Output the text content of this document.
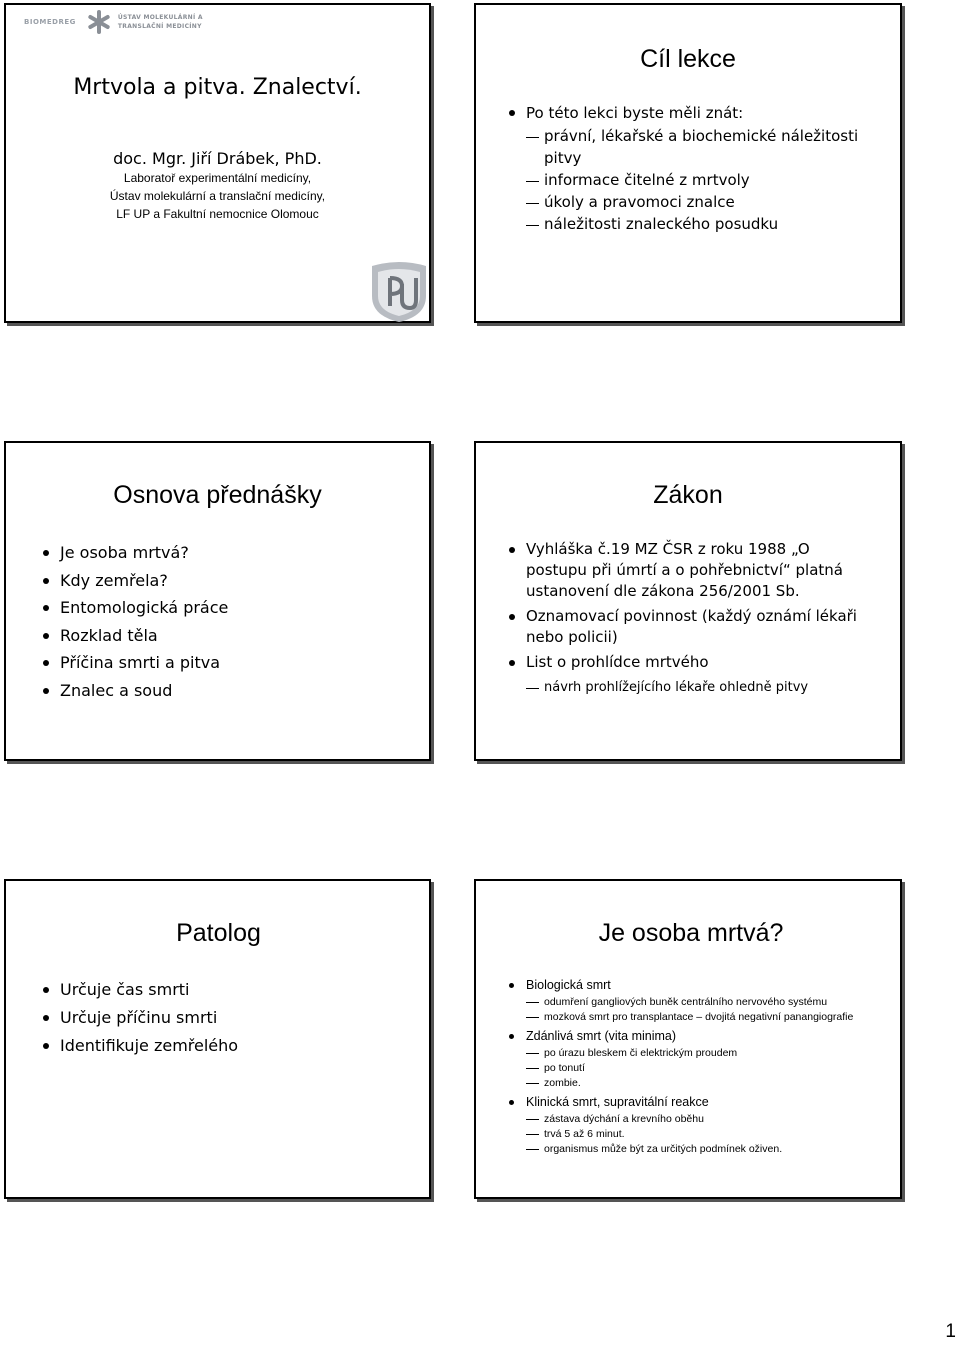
BIOMEDREG
ÚSTAV MOLEKULÁRNÍ A
TRANSLAČNÍ MEDICÍNY
Mrtvola a pitva. Znalectví.
doc. Mgr. Jiří Drábek, PhD.
Laboratoř experimentální medicíny,
Ústav molekulární a translační medicíny,
LF UP a Fakultní nemocnice Olomouc
Cíl lekce
Po této lekci byste měli znát:
právní, lékařské a biochemické náležitosti pitvy
informace čitelné z mrtvoly
úkoly a pravomoci znalce
náležitosti znaleckého posudku
Osnova přednášky
Je osoba mrtvá?
Kdy zemřela?
Entomologická práce
Rozklad těla
Příčina smrti a pitva
Znalec a soud
Zákon
Vyhláška č.19 MZ ČSR z roku 1988 „O postupu při úmrtí a o pohřebnictví“ platná ustanovení dle zákona 256/2001 Sb.
Oznamovací povinnost (každý oznámí lékaři nebo policii)
List o prohlídce mrtvého
návrh prohlížejícího lékaře ohledně pitvy
Patolog
Určuje čas smrti
Určuje příčinu smrti
Identifikuje zemřelého
Je osoba mrtvá?
Biologická smrt
odumření gangliových buněk centrálního nervového systému
mozková smrt pro transplantace – dvojitá negativní panangiografie
Zdánlivá smrt (vita minima)
po úrazu bleskem či elektrickým proudem
po tonutí
zombie.
Klinická smrt, supravitální reakce
zástava dýchání a krevního oběhu
trvá 5 až 6 minut.
organismus může být za určitých podmínek oživen.
1
